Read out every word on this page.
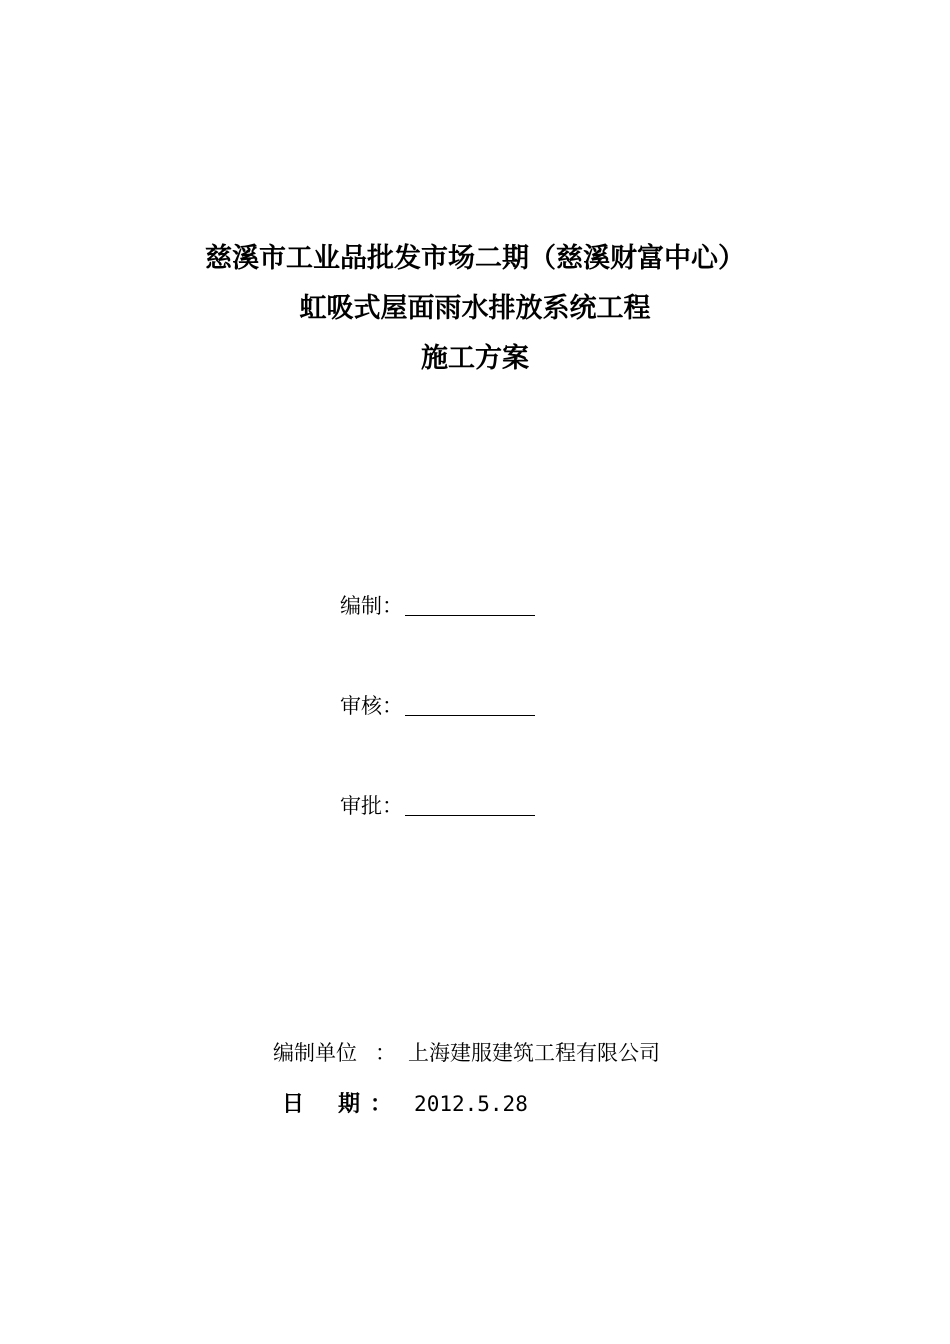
慈溪市工业品批发市场二期（慈溪财富中心）
虹吸式屋面雨水排放系统工程
施工方案
编制：
审核：
审批：
编制单位 ： 上海建服建筑工程有限公司
日 期 ： 2012.5.28
